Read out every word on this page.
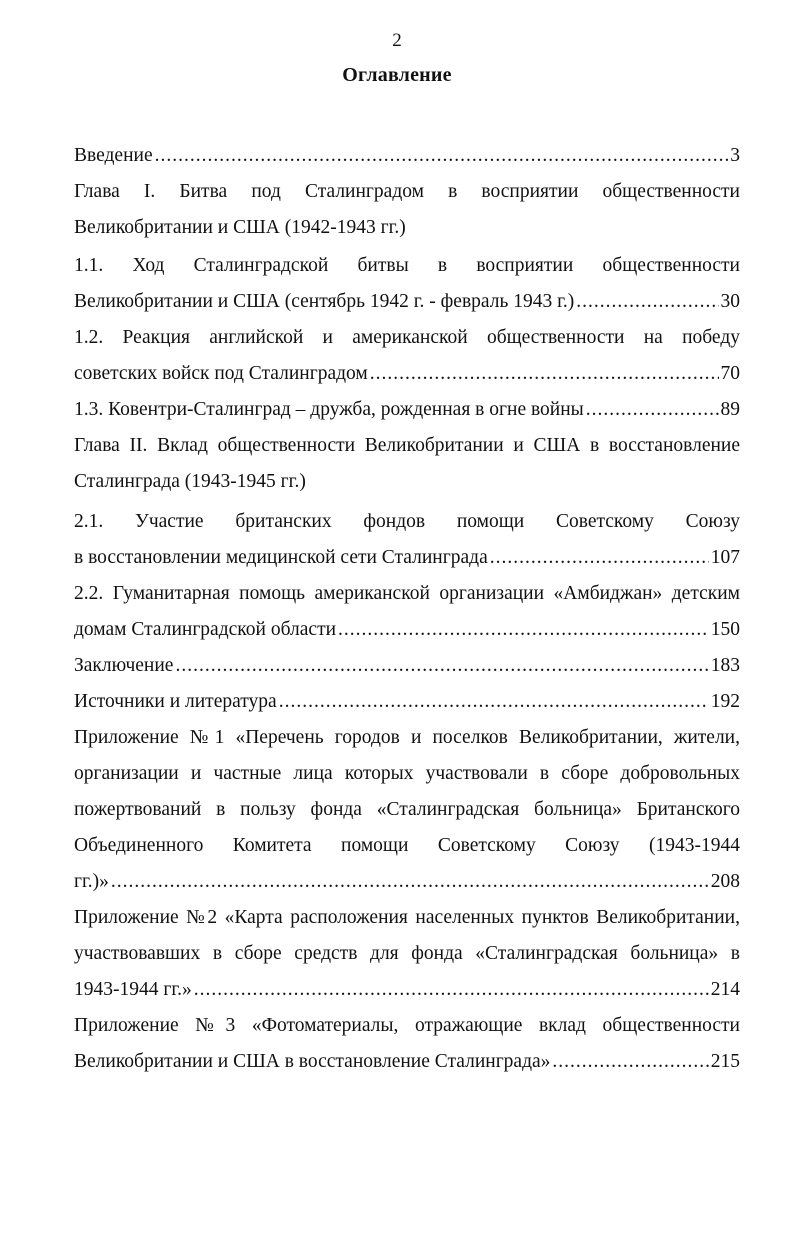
2
Оглавление
Введение .....	3
Глава I. Битва под Сталинградом в восприятии общественности
Великобритании и США (1942-1943 гг.)
1.1. Ход Сталинградской битвы в восприятии общественности
Великобритании и США (сентябрь 1942 г. - февраль 1943 г.) .....	30
1.2. Реакция английской и американской общественности на победу
советских войск под Сталинградом .....	70
1.3. Ковентри-Сталинград – дружба, рожденная в огне войны .....	89
Глава II. Вклад общественности Великобритании и США в восстановление
Сталинграда (1943-1945 гг.)
2.1. Участие британских фондов помощи Советскому Союзу
в восстановлении медицинской сети Сталинграда .....	107
2.2. Гуманитарная помощь американской организации «Амбиджан» детским
домам Сталинградской области .....	150
Заключение .....	183
Источники и литература .....	192
Приложение №1 «Перечень городов и поселков Великобритании, жители,
организации и частные лица которых участвовали в сборе добровольных
пожертвований в пользу фонда «Сталинградская больница» Британского
Объединенного Комитета помощи Советскому Союзу (1943-1944
гг.)» .....	208
Приложение №2 «Карта расположения населенных пунктов Великобритании,
участвовавших в сборе средств для фонда «Сталинградская больница» в
1943-1944 гг.» .....	214
Приложение №3 «Фотоматериалы, отражающие вклад общественности
Великобритании и США в восстановление Сталинграда» .....	215
